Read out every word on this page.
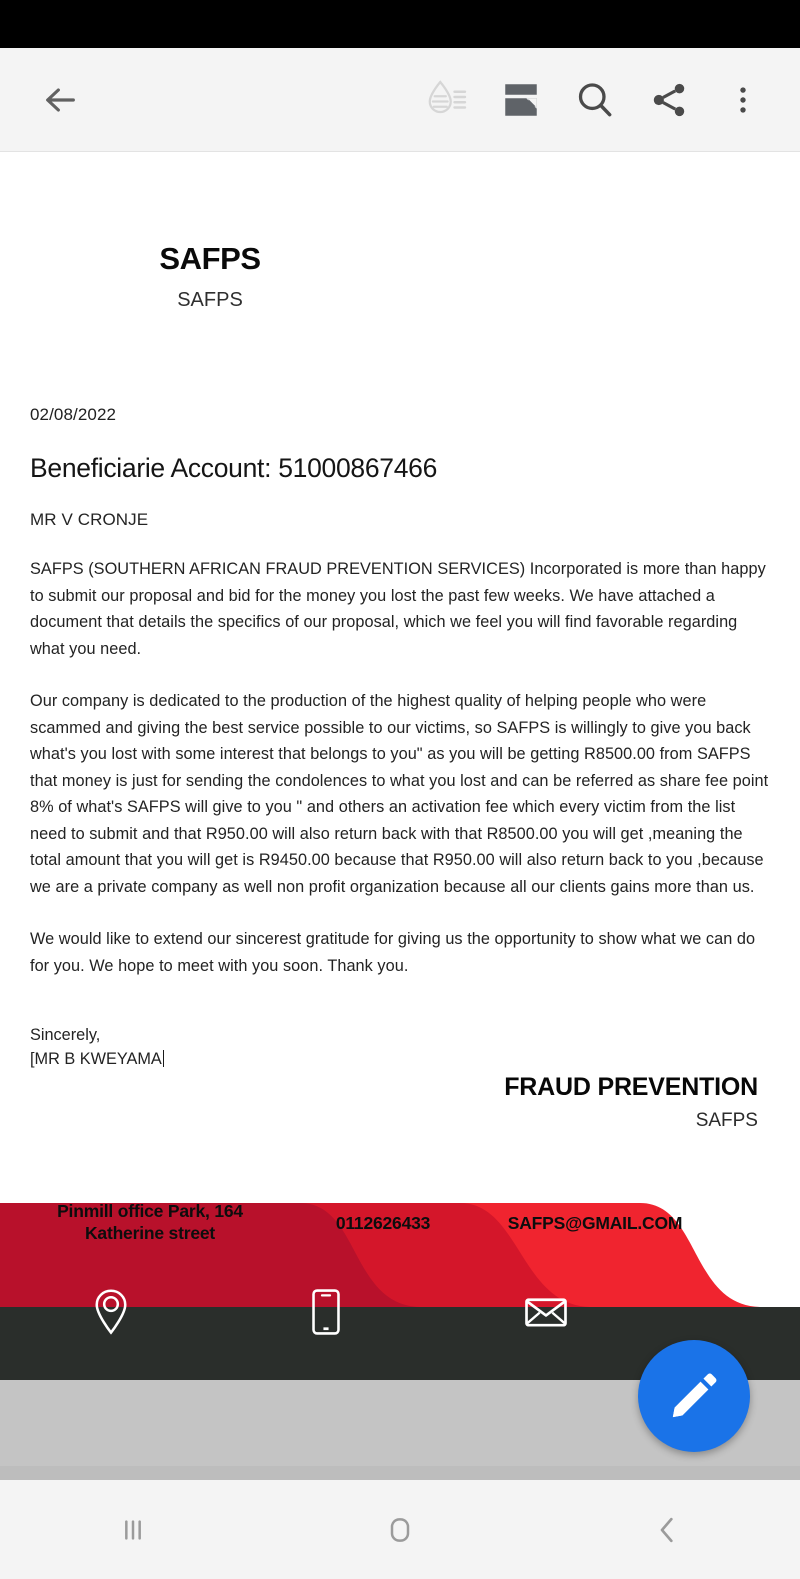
SAFPS
SAFPS
02/08/2022
Beneficiarie Account: 51000867466
MR V CRONJE

SAFPS (SOUTHERN AFRICAN FRAUD PREVENTION SERVICES) Incorporated is more than happy to submit our proposal and bid for the money you lost the past few weeks. We have attached a document that details the specifics of our proposal, which we feel you will find favorable regarding what you need.

Our company is dedicated to the production of the highest quality of helping people who were scammed and giving the best service possible to our victims, so SAFPS is willingly to give you back what's you lost with some interest that belongs to you" as you will be getting R8500.00 from SAFPS that money is just for sending the condolences to what you lost and can be referred as share fee point 8% of what's SAFPS will give to you " and others an activation fee which every victim from the list need to submit and that R950.00 will also return back with that R8500.00 you will get ,meaning the total amount that you will get is R9450.00 because that R950.00 will also return back to you ,because we are a private company as well non profit organization because all our clients gains more than us.

We would like to extend our sincerest gratitude for giving us the opportunity to show what we can do for you. We hope to meet with you soon. Thank you.

Sincerely,
[MR B KWEYAMA
FRAUD PREVENTION
SAFPS
Pinmill office Park, 164
Katherine street	0112626433	SAFPS@GMAIL.COM
